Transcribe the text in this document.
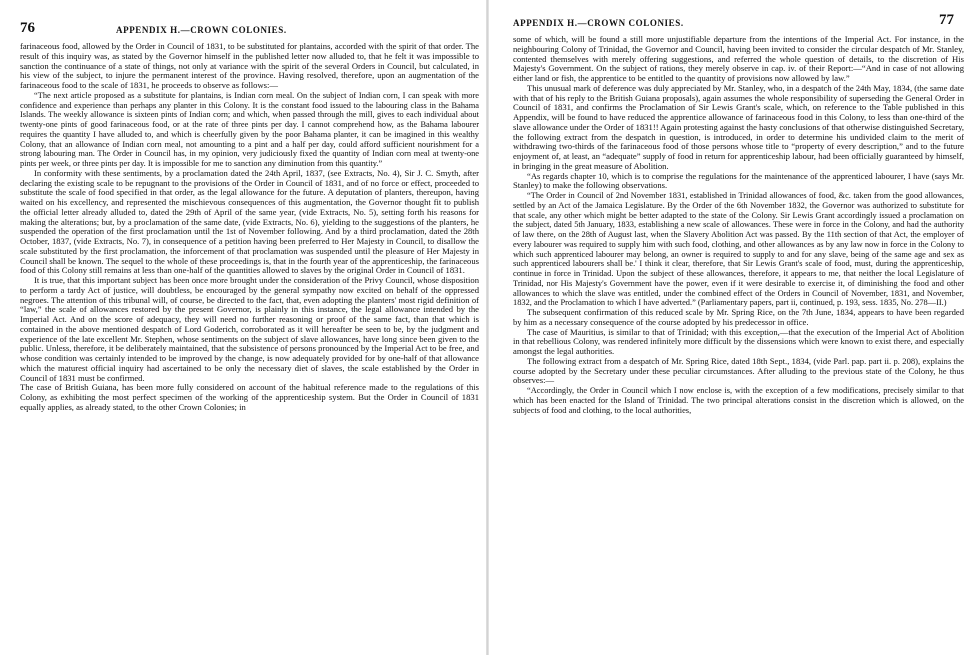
76	APPENDIX H.—CROWN COLONIES.

farinaceous food, allowed by the Order in Council of 1831, to be substituted for plantains, accorded with the spirit of that order. The result of this inquiry was, as stated by the Governor himself in the published letter now alluded to, that he felt it was impossible to sanction the continuance of a state of things, not only at variance with the spirit of the several Orders in Council, but calculated, in his view of the subject, to injure the permanent interest of the province. Having resolved, therefore, upon an augmentation of the farinaceous food to the scale of 1831, he proceeds to observe as follows:—

“The next article proposed as a substitute for plantains, is Indian corn meal. On the subject of Indian corn, I can speak with more confidence and experience than perhaps any planter in this Colony. It is the constant food issued to the labouring class in the Bahama Islands. The weekly allowance is sixteen pints of Indian corn; and which, when passed through the mill, gives to each individual about twenty-one pints of good farinaceous food, or at the rate of three pints per day. I cannot comprehend how, as the Bahama labourer requires the quantity I have alluded to, and which is cheerfully given by the poor Bahama planter, it can be imagined in this wealthy Colony, that an allowance of Indian corn meal, not amounting to a pint and a half per day, could afford sufficient nourishment for a strong labouring man. The Order in Council has, in my opinion, very judiciously fixed the quantity of Indian corn meal at twenty-one pints per week, or three pints per day. It is impossible for me to sanction any diminution from this quantity.”

In conformity with these sentiments, by a proclamation dated the 24th April, 1837, (see Extracts, No. 4), Sir J. C. Smyth, after declaring the existing scale to be repugnant to the provisions of the Order in Council of 1831, and of no force or effect, proceeded to substitute the scale of food specified in that order, as the legal allowance for the future. A deputation of planters, thereupon, having waited on his excellency, and represented the mischievous consequences of this augmentation, the Governor thought fit to publish the official letter already alluded to, dated the 29th of April of the same year, (vide Extracts, No. 5), setting forth his reasons for making the alterations; but, by a proclamation of the same date, (vide Extracts, No. 6), yielding to the suggestions of the planters, he suspended the operation of the first proclamation until the 1st of November following. And by a third proclamation, dated the 28th October, 1837, (vide Extracts, No. 7), in consequence of a petition having been preferred to Her Majesty in Council, to disallow the scale substituted by the first proclamation, the inforcement of that proclamation was suspended until the pleasure of Her Majesty in Council shall be known. The sequel to the whole of these proceedings is, that in the fourth year of the apprenticeship, the farinaceous food of this Colony still remains at less than one-half of the quantities allowed to slaves by the original Order in Council of 1831.

It is true, that this important subject has been once more brought under the consideration of the Privy Council, whose disposition to perform a tardy Act of justice, will doubtless, be encouraged by the general sympathy now excited on behalf of the oppressed negroes. The attention of this tribunal will, of course, be directed to the fact, that, even adopting the planters' most rigid definition of “law,” the scale of allowances restored by the present Governor, is plainly in this instance, the legal allowance intended by the Imperial Act. And on the score of adequacy, they will need no further reasoning or proof of the same fact, than that which is contained in the above mentioned despatch of Lord Goderich, corroborated as it will hereafter be seen to be, by the judgment and experience of the late excellent Mr. Stephen, whose sentiments on the subject of slave allowances, have long since been given to the public. Unless, therefore, it be deliberately maintained, that the subsistence of persons pronounced by the Imperial Act to be free, and whose condition was certainly intended to be improved by the change, is now adequately provided for by one-half of that allowance which the maturest official inquiry had ascertained to be only the necessary diet of slaves, the scale established by the Order in Council of 1831 must be confirmed.

The case of British Guiana, has been more fully considered on account of the habitual reference made to the regulations of this Colony, as exhibiting the most perfect specimen of the working of the apprenticeship system. But the Order in Council of 1831 equally applies, as already stated, to the other Crown Colonies; in

APPENDIX H.—CROWN COLONIES.	77

some of which, will be found a still more unjustifiable departure from the intentions of the Imperial Act. For instance, in the neighbouring Colony of Trinidad, the Governor and Council, having been invited to consider the circular despatch of Mr. Stanley, contented themselves with merely offering suggestions, and referred the whole question of details, to the discretion of His Majesty's Government. On the subject of rations, they merely observe in cap. iv. of their Report:—“And in case of not allowing either land or fish, the apprentice to be entitled to the quantity of provisions now allowed by law.”

This unusual mark of deference was duly appreciated by Mr. Stanley, who, in a despatch of the 24th May, 1834, (the same date with that of his reply to the British Guiana proposals), again assumes the whole responsibility of superseding the General Order in Council of 1831, and confirms the Proclamation of Sir Lewis Grant's scale, which, on reference to the Table published in this Appendix, will be found to have reduced the apprentice allowance of farinaceous food in this Colony, to less than one-third of the slave allowance under the Order of 1831!! Again protesting against the hasty conclusions of that otherwise distinguished Secretary, the following extract from the despatch in question, is introduced, in order to determine his undivided claim to the merit of withdrawing two-thirds of the farinaceous food of those persons whose title to “property of every description,” and to the future enjoyment of, at least, an “adequate” supply of food in return for apprenticeship labour, had been officially guaranteed by himself, in bringing in the great measure of Abolition.

“As regards chapter 10, which is to comprise the regulations for the maintenance of the apprenticed labourer, I have (says Mr. Stanley) to make the following observations.

“The Order in Council of 2nd November 1831, established in Trinidad allowances of food, &c. taken from the good allowances, settled by an Act of the Jamaica Legislature. By the Order of the 6th November 1832, the Governor was authorized to substitute for that scale, any other which might be better adapted to the state of the Colony. Sir Lewis Grant accordingly issued a proclamation on the subject, dated 5th January, 1833, establishing a new scale of allowances. These were in force in the Colony, and had the authority of law there, on the 28th of August last, when the Slavery Abolition Act was passed. By the 11th section of that Act, the employer of every labourer was required to supply him with such food, clothing, and other allowances as by any law now in force in the Colony to which such apprenticed labourer may belong, an owner is required to supply to and for any slave, being of the same age and sex as such apprenticed labourers shall be.' I think it clear, therefore, that Sir Lewis Grant's scale of food, must, during the apprenticeship, continue in force in Trinidad. Upon the subject of these allowances, therefore, it appears to me, that neither the local Legislature of Trinidad, nor His Majesty's Government have the power, even if it were desirable to exercise it, of diminishing the food and other allowances to which the slave was entitled, under the combined effect of the Orders in Council of November, 1831, and November, 1832, and the Proclamation to which I have adverted.” (Parliamentary papers, part ii, continued, p. 193, sess. 1835, No. 278—II.)

The subsequent confirmation of this reduced scale by Mr. Spring Rice, on the 7th June, 1834, appears to have been regarded by him as a necessary consequence of the course adopted by his predecessor in office.

The case of Mauritius, is similar to that of Trinidad; with this exception,—that the execution of the Imperial Act of Abolition in that rebellious Colony, was rendered infinitely more difficult by the dissensions which were known to exist there, and especially amongst the legal authorities.

The following extract from a despatch of Mr. Spring Rice, dated 18th Sept., 1834, (vide Parl. pap. part ii. p. 208), explains the course adopted by the Secretary under these peculiar circumstances. After alluding to the previous state of the Colony, he thus observes:—

“Accordingly, the Order in Council which I now enclose is, with the exception of a few modifications, precisely similar to that which has been enacted for the Island of Trinidad. The two principal alterations consist in the discretion which is allowed, on the subjects of food and clothing, to the local authorities,
